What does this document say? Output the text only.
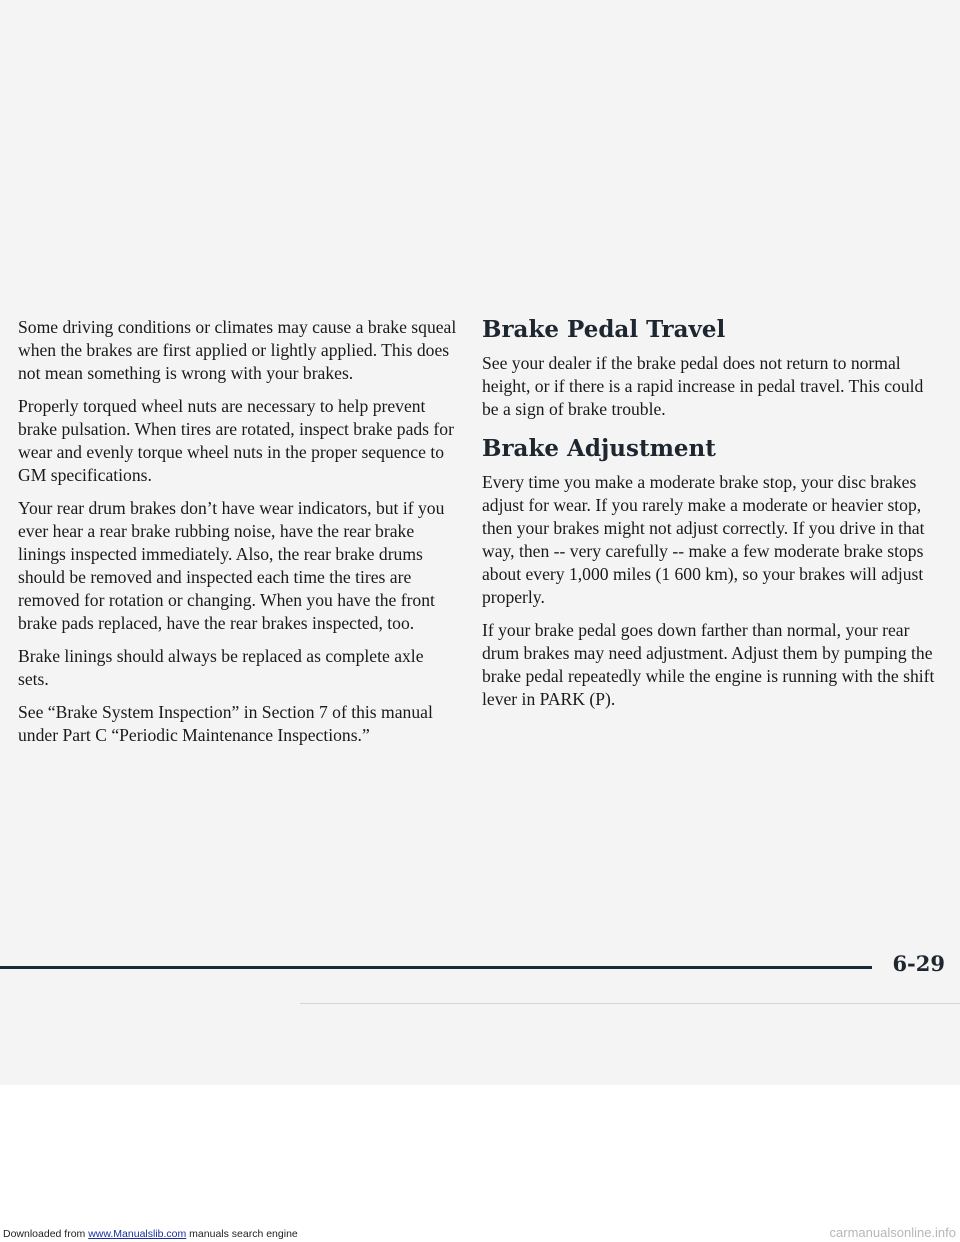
Some driving conditions or climates may cause a brake squeal when the brakes are first applied or lightly applied. This does not mean something is wrong with your brakes.

Properly torqued wheel nuts are necessary to help prevent brake pulsation. When tires are rotated, inspect brake pads for wear and evenly torque wheel nuts in the proper sequence to GM specifications.

Your rear drum brakes don’t have wear indicators, but if you ever hear a rear brake rubbing noise, have the rear brake linings inspected immediately. Also, the rear brake drums should be removed and inspected each time the tires are removed for rotation or changing. When you have the front brake pads replaced, have the rear brakes inspected, too.

Brake linings should always be replaced as complete axle sets.

See “Brake System Inspection” in Section 7 of this manual under Part C “Periodic Maintenance Inspections.”

Brake Pedal Travel

See your dealer if the brake pedal does not return to normal height, or if there is a rapid increase in pedal travel. This could be a sign of brake trouble.

Brake Adjustment

Every time you make a moderate brake stop, your disc brakes adjust for wear. If you rarely make a moderate or heavier stop, then your brakes might not adjust correctly. If you drive in that way, then -- very carefully -- make a few moderate brake stops about every 1,000 miles (1 600 km), so your brakes will adjust properly.

If your brake pedal goes down farther than normal, your rear drum brakes may need adjustment. Adjust them by pumping the brake pedal repeatedly while the engine is running with the shift lever in PARK (P).

6-29
Downloaded from www.Manualslib.com manuals search engine	carmanualsonline.info
